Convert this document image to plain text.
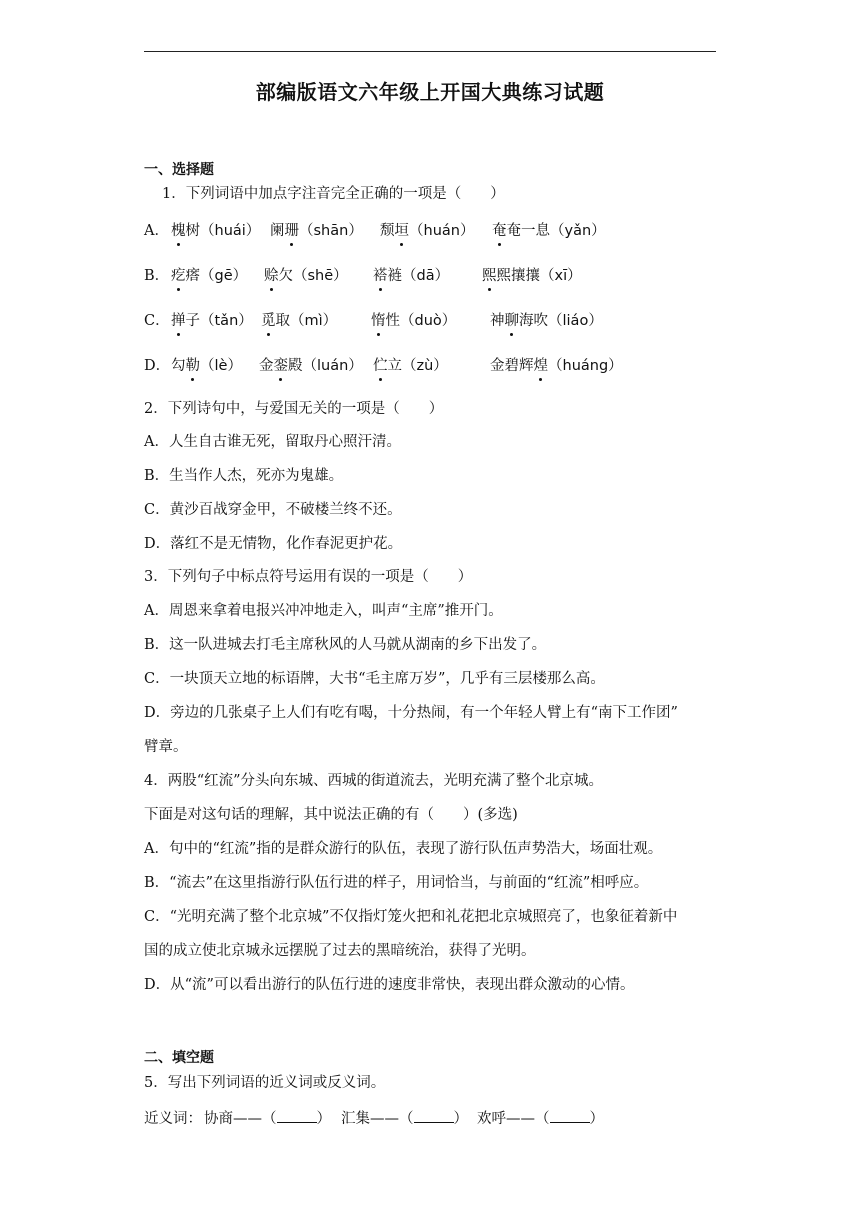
部编版语文六年级上开国大典练习试题
一、选择题
1．下列词语中加点字注音完全正确的一项是（　　）
A． 槐树（huái） 阑珊（shān） 颓垣（huán） 奄奄一息（yǎn）
B． 疙瘩（gē） 赊欠（shē） 褡裢（dā） 熙熙攘攘（xī）
C． 掸子（tǎn） 觅取（mì） 惰性（duò） 神聊海吹（liáo）
D． 勾勒（lè） 金銮殿（luán） 伫立（zù）	金碧辉煌（huáng）
2．下列诗句中，与爱国无关的一项是（　　）
A．人生自古谁无死，留取丹心照汗清。
B．生当作人杰，死亦为鬼雄。
C．黄沙百战穿金甲，不破楼兰终不还。
D．落红不是无情物，化作春泥更护花。
3．下列句子中标点符号运用有误的一项是（　　）
A．周恩来拿着电报兴冲冲地走入，叫声“主席”推开门。
B．这一队进城去打毛主席秋风的人马就从湖南的乡下出发了。
C．一块顶天立地的标语牌，大书“毛主席万岁”，几乎有三层楼那么高。
D．旁边的几张桌子上人们有吃有喝，十分热闹，有一个年轻人臂上有“南下工作团”
臂章。
4．两股“红流”分头向东城、西城的街道流去，光明充满了整个北京城。
下面是对这句话的理解，其中说法正确的有（　　）(多选)
A．句中的“红流”指的是群众游行的队伍，表现了游行队伍声势浩大，场面壮观。
B．“流去”在这里指游行队伍行进的样子，用词恰当，与前面的“红流”相呼应。
C．“光明充满了整个北京城”不仅指灯笼火把和礼花把北京城照亮了，也象征着新中
国的成立使北京城永远摆脱了过去的黑暗统治，获得了光明。
D．从“流”可以看出游行的队伍行进的速度非常快，表现出群众激动的心情。
二、填空题
5．写出下列词语的近义词或反义词。
近义词： 协商——（	） 汇集——（	） 欢呼——（	）
